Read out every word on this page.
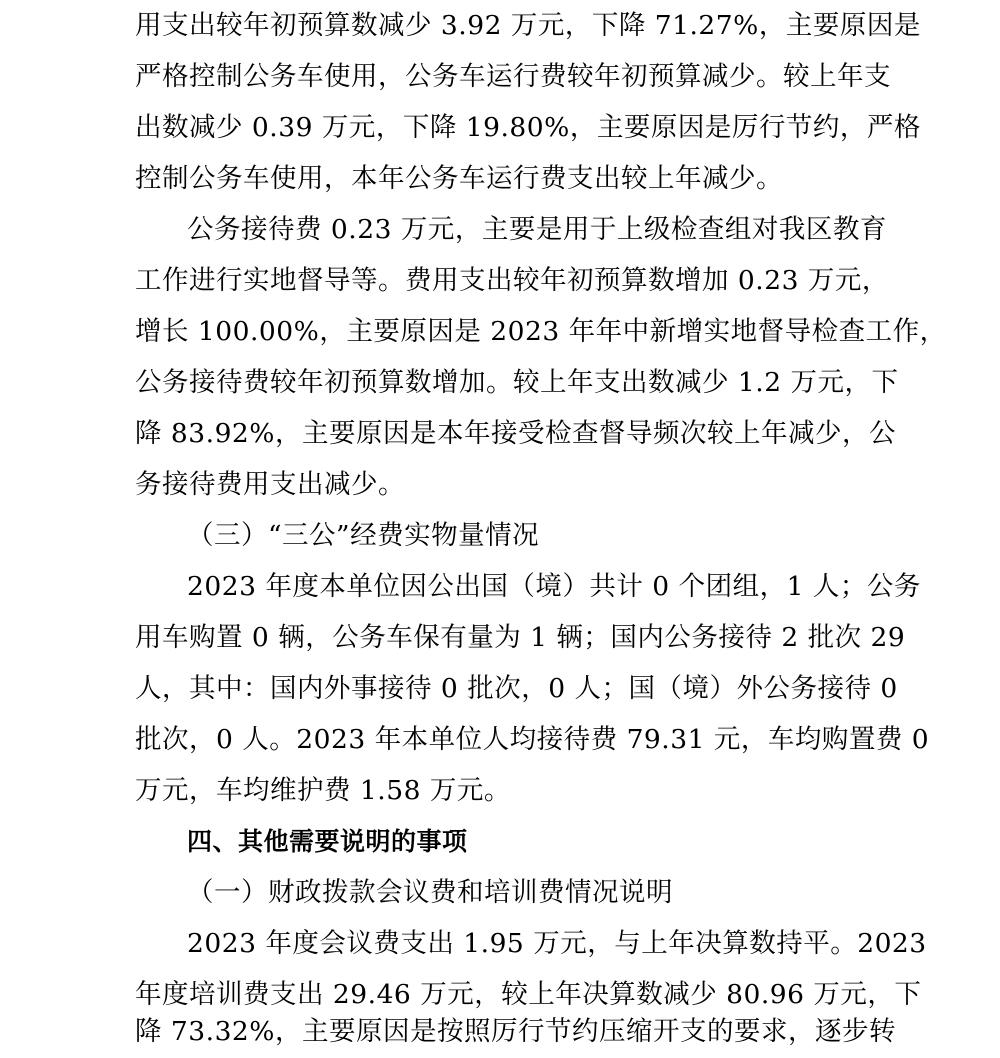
用支出较年初预算数减少 3.92 万元，下降 71.27%，主要原因是
严格控制公务车使用，公务车运行费较年初预算减少。较上年支
出数减少 0.39 万元，下降 19.80%，主要原因是厉行节约，严格
控制公务车使用，本年公务车运行费支出较上年减少。
公务接待费 0.23 万元，主要是用于上级检查组对我区教育
工作进行实地督导等。费用支出较年初预算数增加 0.23 万元，
增长 100.00%，主要原因是 2023 年年中新增实地督导检查工作，
公务接待费较年初预算数增加。较上年支出数减少 1.2 万元，下
降 83.92%，主要原因是本年接受检查督导频次较上年减少，公
务接待费用支出减少。
（三）“三公”经费实物量情况
2023 年度本单位因公出国（境）共计 0 个团组，1 人；公务
用车购置 0 辆，公务车保有量为 1 辆；国内公务接待 2 批次 29
人，其中：国内外事接待 0 批次，0 人；国（境）外公务接待 0
批次，0 人。2023 年本单位人均接待费 79.31 元，车均购置费 0
万元，车均维护费 1.58 万元。
四、其他需要说明的事项
（一）财政拨款会议费和培训费情况说明
2023 年度会议费支出 1.95 万元，与上年决算数持平。2023
年度培训费支出 29.46 万元，较上年决算数减少 80.96 万元，下
降 73.32%，主要原因是按照厉行节约压缩开支的要求，逐步转
